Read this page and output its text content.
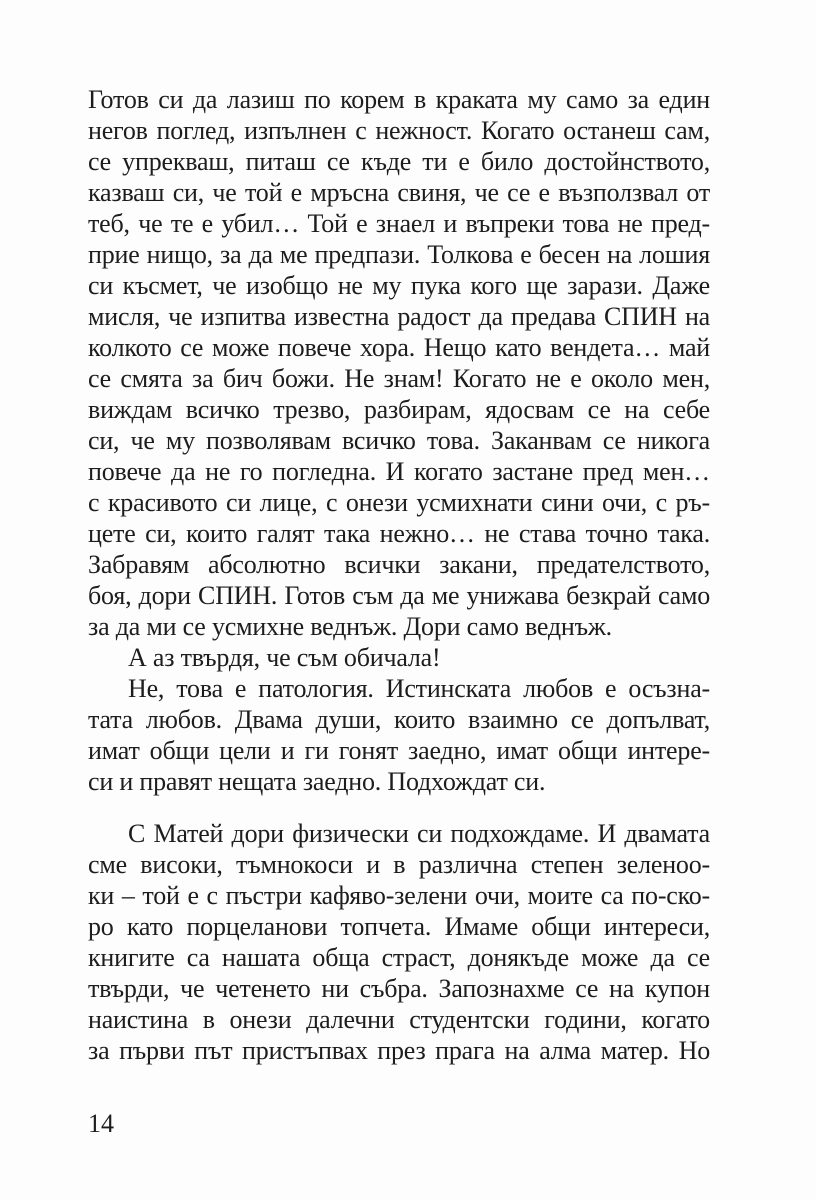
Готов си да лазиш по корем в краката му само за един
негов поглед, изпълнен с нежност. Когато останеш сам,
се упрекваш, питаш се къде ти е било достойнството,
казваш си, че той е мръсна свиня, че се е възползвал от
теб, че те е убил… Той е знаел и въпреки това не пред-
прие нищо, за да ме предпази. Толкова е бесен на лошия
си късмет, че изобщо не му пука кого ще зарази. Даже
мисля, че изпитва известна радост да предава СПИН на
колкото се може повече хора. Нещо като вендета… май
се смята за бич божи. Не знам! Когато не е около мен,
виждам всичко трезво, разбирам, ядосвам се на себе
си, че му позволявам всичко това. Заканвам се никога
повече да не го погледна. И когато застане пред мен…
с красивото си лице, с онези усмихнати сини очи, с ръ-
цете си, които галят така нежно… не става точно така.
Забравям абсолютно всички закани, предателството,
боя, дори СПИН. Готов съм да ме унижава безкрай само
за да ми се усмихне веднъж. Дори само веднъж.
А аз твърдя, че съм обичала!
Не, това е патология. Истинската любов е осъзна-
тата любов. Двама души, които взаимно се допълват,
имат общи цели и ги гонят заедно, имат общи интере-
си и правят нещата заедно. Подхождат си.
С Матей дори физически си подхождаме. И двамата
сме високи, тъмнокоси и в различна степен зеленоо-
ки – той е с пъстри кафяво-зелени очи, моите са по-ско-
ро като порцеланови топчета. Имаме общи интереси,
книгите са нашата обща страст, донякъде може да се
твърди, че четенето ни събра. Запознахме се на купон
наистина в онези далечни студентски години, когато
за първи път пристъпвах през прага на алма матер. Но
14
